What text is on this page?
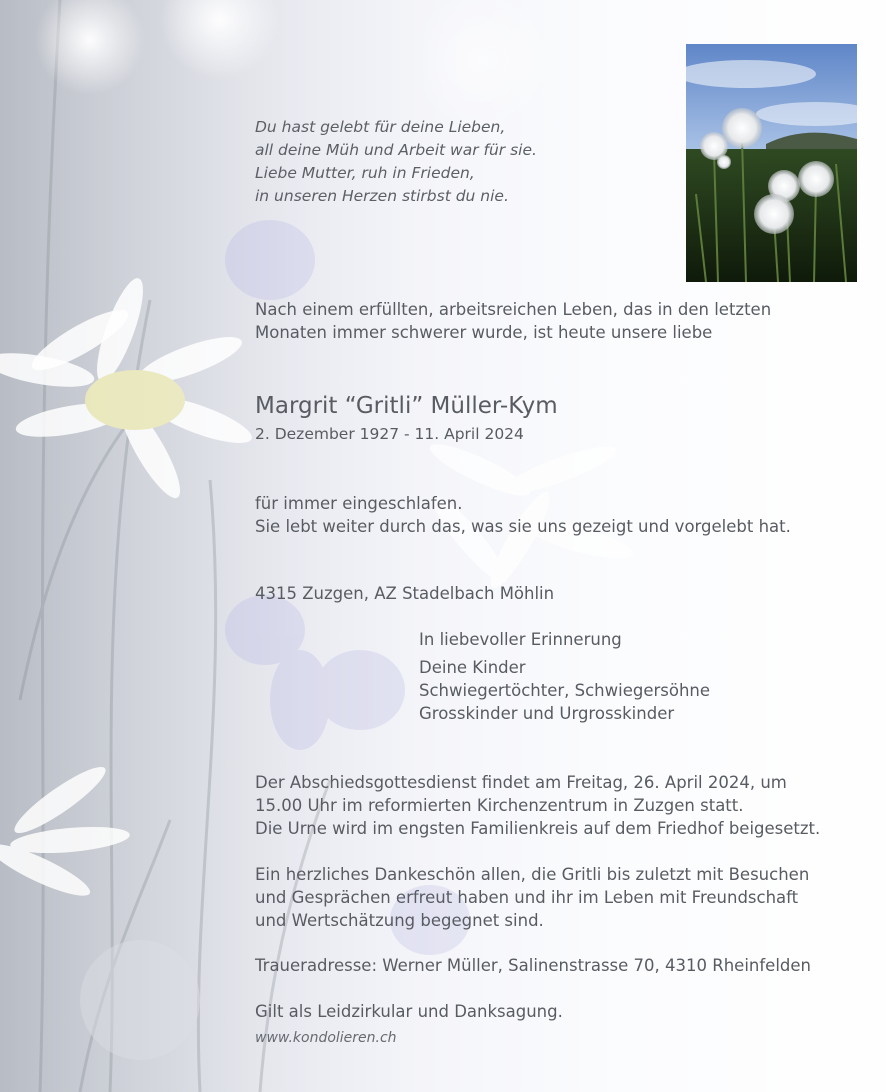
Du hast gelebt für deine Lieben,
all deine Müh und Arbeit war für sie.
Liebe Mutter, ruh in Frieden,
in unseren Herzen stirbst du nie.
Nach einem erfüllten, arbeitsreichen Leben, das in den letzten
Monaten immer schwerer wurde, ist heute unsere liebe
Margrit “Gritli” Müller-Kym
2. Dezember 1927 - 11. April 2024
für immer eingeschlafen.
Sie lebt weiter durch das, was sie uns gezeigt und vorgelebt hat.
4315 Zuzgen, AZ Stadelbach Möhlin
In liebevoller Erinnerung
Deine Kinder
Schwiegertöchter, Schwiegersöhne
Grosskinder und Urgrosskinder
Der Abschiedsgottesdienst findet am Freitag, 26. April 2024, um
15.00 Uhr im reformierten Kirchenzentrum in Zuzgen statt.
Die Urne wird im engsten Familienkreis auf dem Friedhof beigesetzt.
Ein herzliches Dankeschön allen, die Gritli bis zuletzt mit Besuchen
und Gesprächen erfreut haben und ihr im Leben mit Freundschaft
und Wertschätzung begegnet sind.
Traueradresse: Werner Müller, Salinenstrasse 70, 4310 Rheinfelden
Gilt als Leidzirkular und Danksagung.
www.kondolieren.ch
